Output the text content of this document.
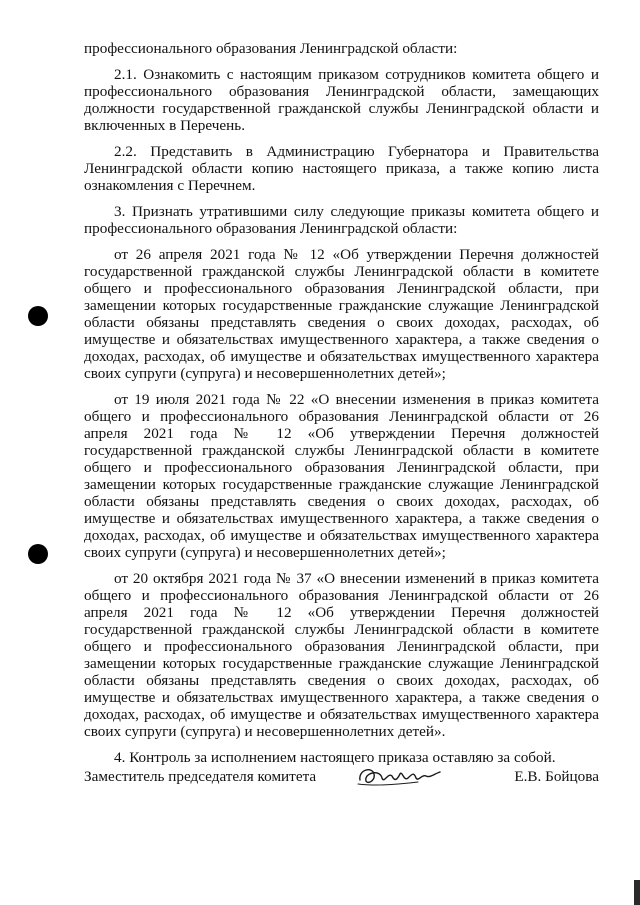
профессионального образования Ленинградской области:

2.1. Ознакомить с настоящим приказом сотрудников комитета общего и профессионального образования Ленинградской области, замещающих должности государственной гражданской службы Ленинградской области и включенных в Перечень.

2.2. Представить в Администрацию Губернатора и Правительства Ленинградской области копию настоящего приказа, а также копию листа ознакомления с Перечнем.

3. Признать утратившими силу следующие приказы комитета общего и профессионального образования Ленинградской области:

от 26 апреля 2021 года № 12 «Об утверждении Перечня должностей государственной гражданской службы Ленинградской области в комитете общего и профессионального образования Ленинградской области, при замещении которых государственные гражданские служащие Ленинградской области обязаны представлять сведения о своих доходах, расходах, об имуществе и обязательствах имущественного характера, а также сведения о доходах, расходах, об имуществе и обязательствах имущественного характера своих супруги (супруга) и несовершеннолетних детей»;

от 19 июля 2021 года № 22 «О внесении изменения в приказ комитета общего и профессионального образования Ленинградской области от 26 апреля 2021 года № 12 «Об утверждении Перечня должностей государственной гражданской службы Ленинградской области в комитете общего и профессионального образования Ленинградской области, при замещении которых государственные гражданские служащие Ленинградской области обязаны представлять сведения о своих доходах, расходах, об имуществе и обязательствах имущественного характера, а также сведения о доходах, расходах, об имуществе и обязательствах имущественного характера своих супруги (супруга) и несовершеннолетних детей»;

от 20 октября 2021 года № 37 «О внесении изменений в приказ комитета общего и профессионального образования Ленинградской области от 26 апреля 2021 года № 12 «Об утверждении Перечня должностей государственной гражданской службы Ленинградской области в комитете общего и профессионального образования Ленинградской области, при замещении которых государственные гражданские служащие Ленинградской области обязаны представлять сведения о своих доходах, расходах, об имуществе и обязательствах имущественного характера, а также сведения о доходах, расходах, об имуществе и обязательствах имущественного характера своих супруги (супруга) и несовершеннолетних детей».

4. Контроль за исполнением настоящего приказа оставляю за собой.

Заместитель председателя комитета	Е.В. Бойцова
